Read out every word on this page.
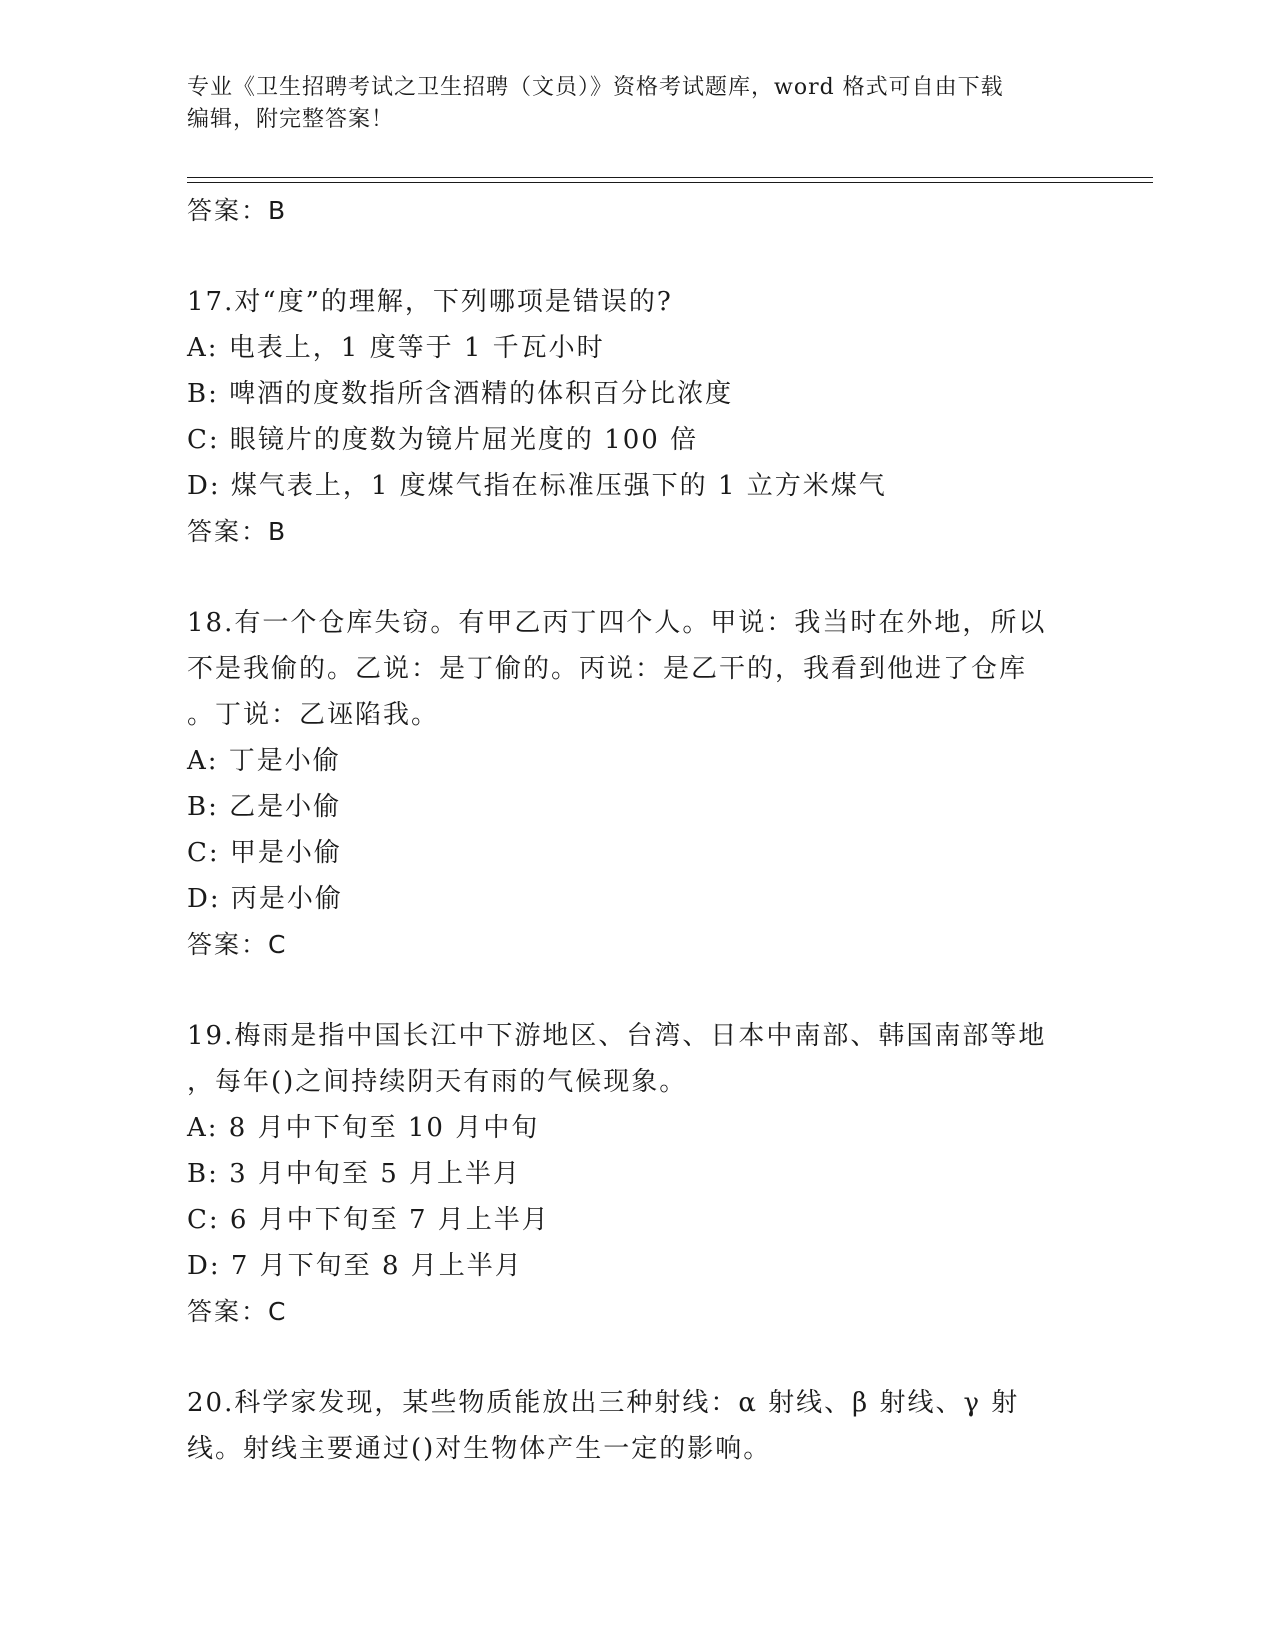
专业《卫生招聘考试之卫生招聘（文员）》资格考试题库，word 格式可自由下载
编辑，附完整答案！
答案：B
17.对“度”的理解，下列哪项是错误的?
A: 电表上，1 度等于 1 千瓦小时
B: 啤酒的度数指所含酒精的体积百分比浓度
C: 眼镜片的度数为镜片屈光度的 100 倍
D: 煤气表上，1 度煤气指在标准压强下的 1 立方米煤气
答案：B
18.有一个仓库失窃。有甲乙丙丁四个人。甲说：我当时在外地，所以
不是我偷的。乙说：是丁偷的。丙说：是乙干的，我看到他进了仓库
。丁说：乙诬陷我。
A: 丁是小偷
B: 乙是小偷
C: 甲是小偷
D: 丙是小偷
答案：C
19.梅雨是指中国长江中下游地区、台湾、日本中南部、韩国南部等地
，每年()之间持续阴天有雨的气候现象。
A: 8 月中下旬至 10 月中旬
B: 3 月中旬至 5 月上半月
C: 6 月中下旬至 7 月上半月
D: 7 月下旬至 8 月上半月
答案：C
20.科学家发现，某些物质能放出三种射线：α 射线、β 射线、γ 射
线。射线主要通过()对生物体产生一定的影响。
